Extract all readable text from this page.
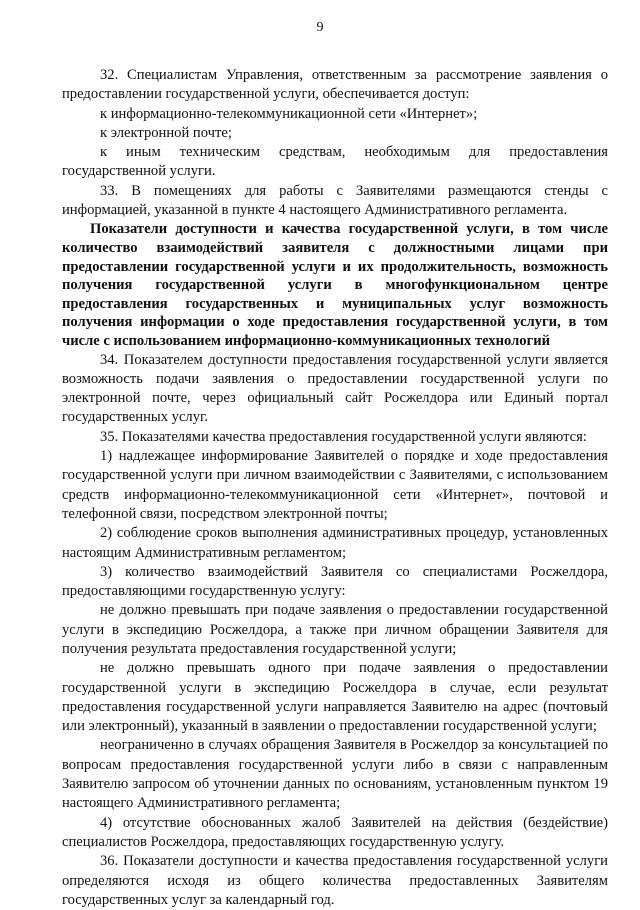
9

32. Специалистам Управления, ответственным за рассмотрение заявления о предоставлении государственной услуги, обеспечивается доступ:

к информационно-телекоммуникационной сети «Интернет»;

к электронной почте;

к иным техническим средствам, необходимым для предоставления государственной услуги.

33. В помещениях для работы с Заявителями размещаются стенды с информацией, указанной в пункте 4 настоящего Административного регламента.

Показатели доступности и качества государственной услуги, в том числе количество взаимодействий заявителя с должностными лицами при предоставлении государственной услуги и их продолжительность, возможность получения государственной услуги в многофункциональном центре предоставления государственных и муниципальных услуг возможность получения информации о ходе предоставления государственной услуги, в том числе с использованием информационно-коммуникационных технологий

34. Показателем доступности предоставления государственной услуги является возможность подачи заявления о предоставлении государственной услуги по электронной почте, через официальный сайт Росжелдора или Единый портал государственных услуг.

35. Показателями качества предоставления государственной услуги являются:

1) надлежащее информирование Заявителей о порядке и ходе предоставления государственной услуги при личном взаимодействии с Заявителями, с использованием средств информационно-телекоммуникационной сети «Интернет», почтовой и телефонной связи, посредством электронной почты;

2) соблюдение сроков выполнения административных процедур, установленных настоящим Административным регламентом;

3) количество взаимодействий Заявителя со специалистами Росжелдора, предоставляющими государственную услугу:

не должно превышать при подаче заявления о предоставлении государственной услуги в экспедицию Росжелдора, а также при личном обращении Заявителя для получения результата предоставления государственной услуги;

не должно превышать одного при подаче заявления о предоставлении государственной услуги в экспедицию Росжелдора в случае, если результат предоставления государственной услуги направляется Заявителю на адрес (почтовый или электронный), указанный в заявлении о предоставлении государственной услуги;

неограниченно в случаях обращения Заявителя в Росжелдор за консультацией по вопросам предоставления государственной услуги либо в связи с направленным Заявителю запросом об уточнении данных по основаниям, установленным пунктом 19 настоящего Административного регламента;

4) отсутствие обоснованных жалоб Заявителей на действия (бездействие) специалистов Росжелдора, предоставляющих государственную услугу.

36. Показатели доступности и качества предоставления государственной услуги определяются исходя из общего количества предоставленных Заявителям государственных услуг за календарный год.
